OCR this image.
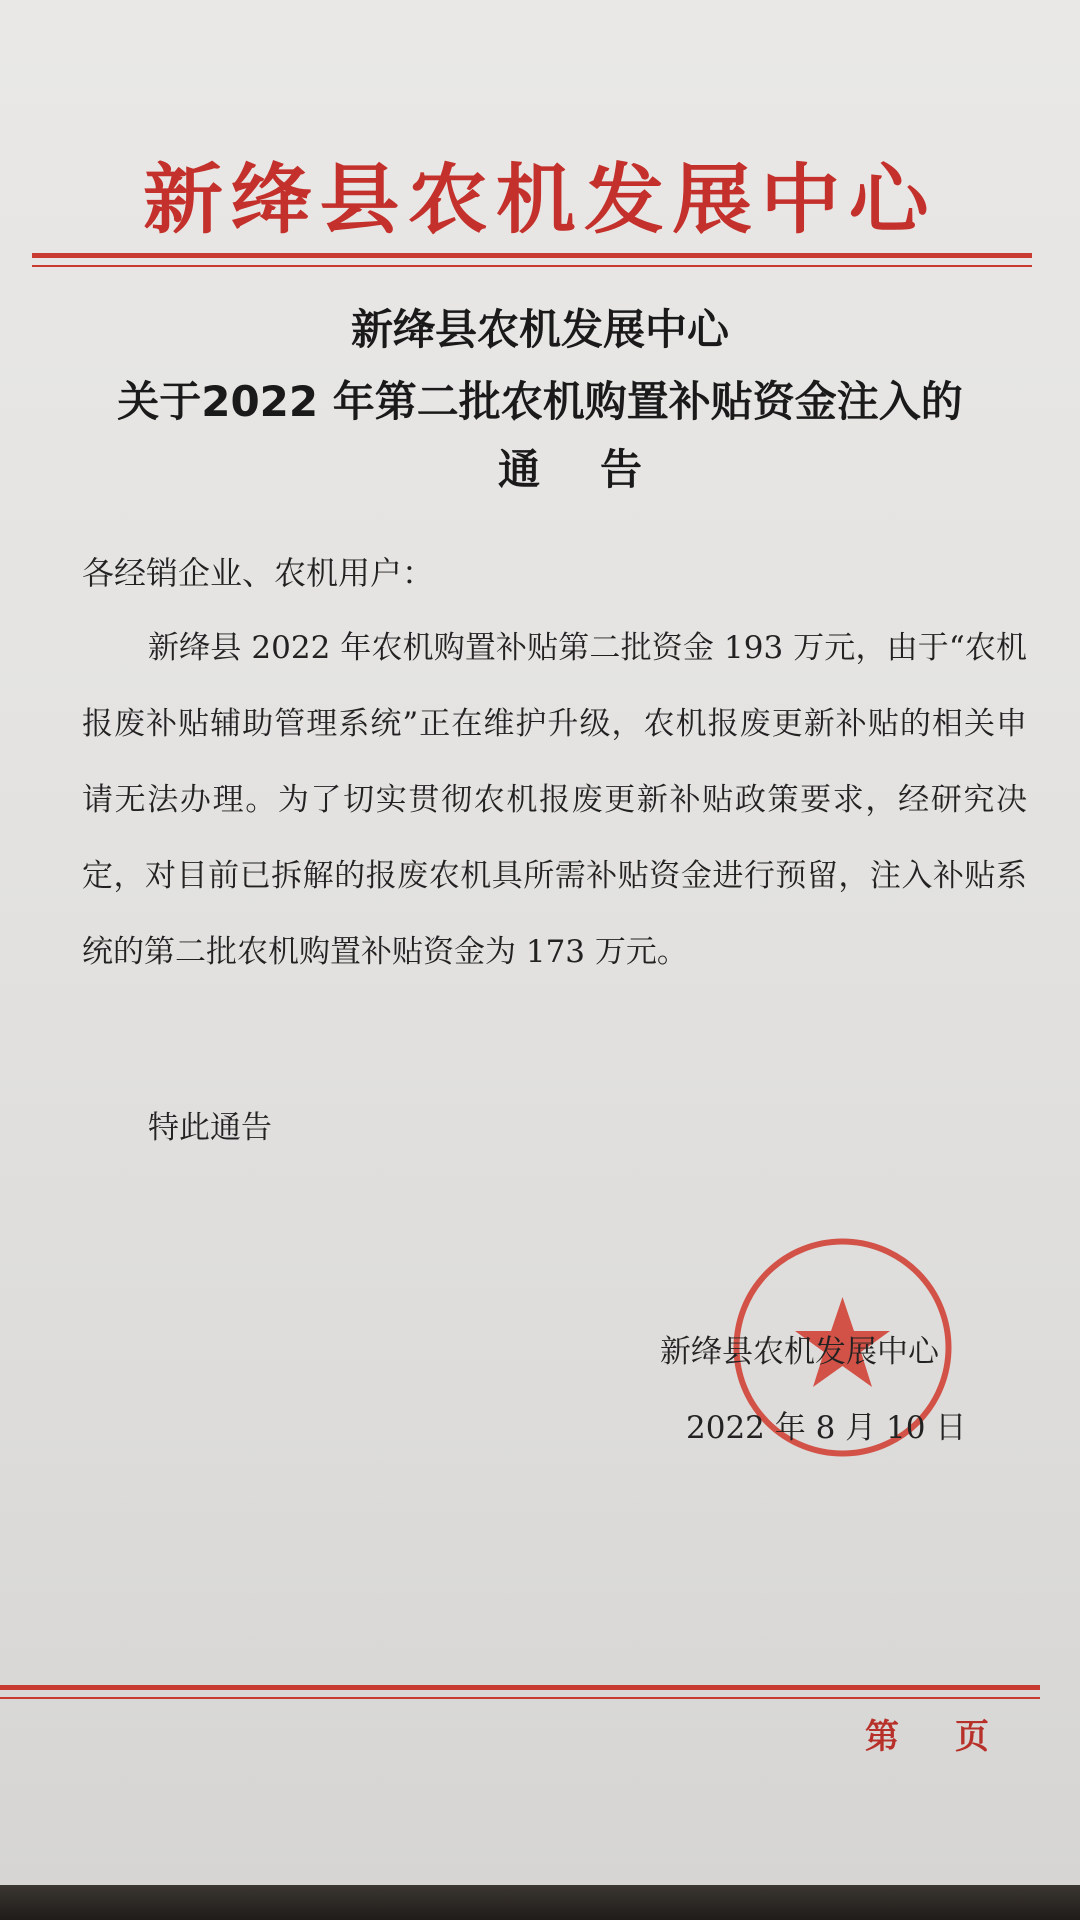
新绛县农机发展中心
新绛县农机发展中心
关于2022 年第二批农机购置补贴资金注入的
通告

各经销企业、农机用户：

新绛县 2022 年农机购置补贴第二批资金 193 万元，由于“农机报废补贴辅助管理系统”正在维护升级，农机报废更新补贴的相关申请无法办理。为了切实贯彻农机报废更新补贴政策要求，经研究决定，对目前已拆解的报废农机具所需补贴资金进行预留，注入补贴系统的第二批农机购置补贴资金为 173 万元。

特此通告

新绛县农机发展中心

2022 年 8 月 10 日

第页
